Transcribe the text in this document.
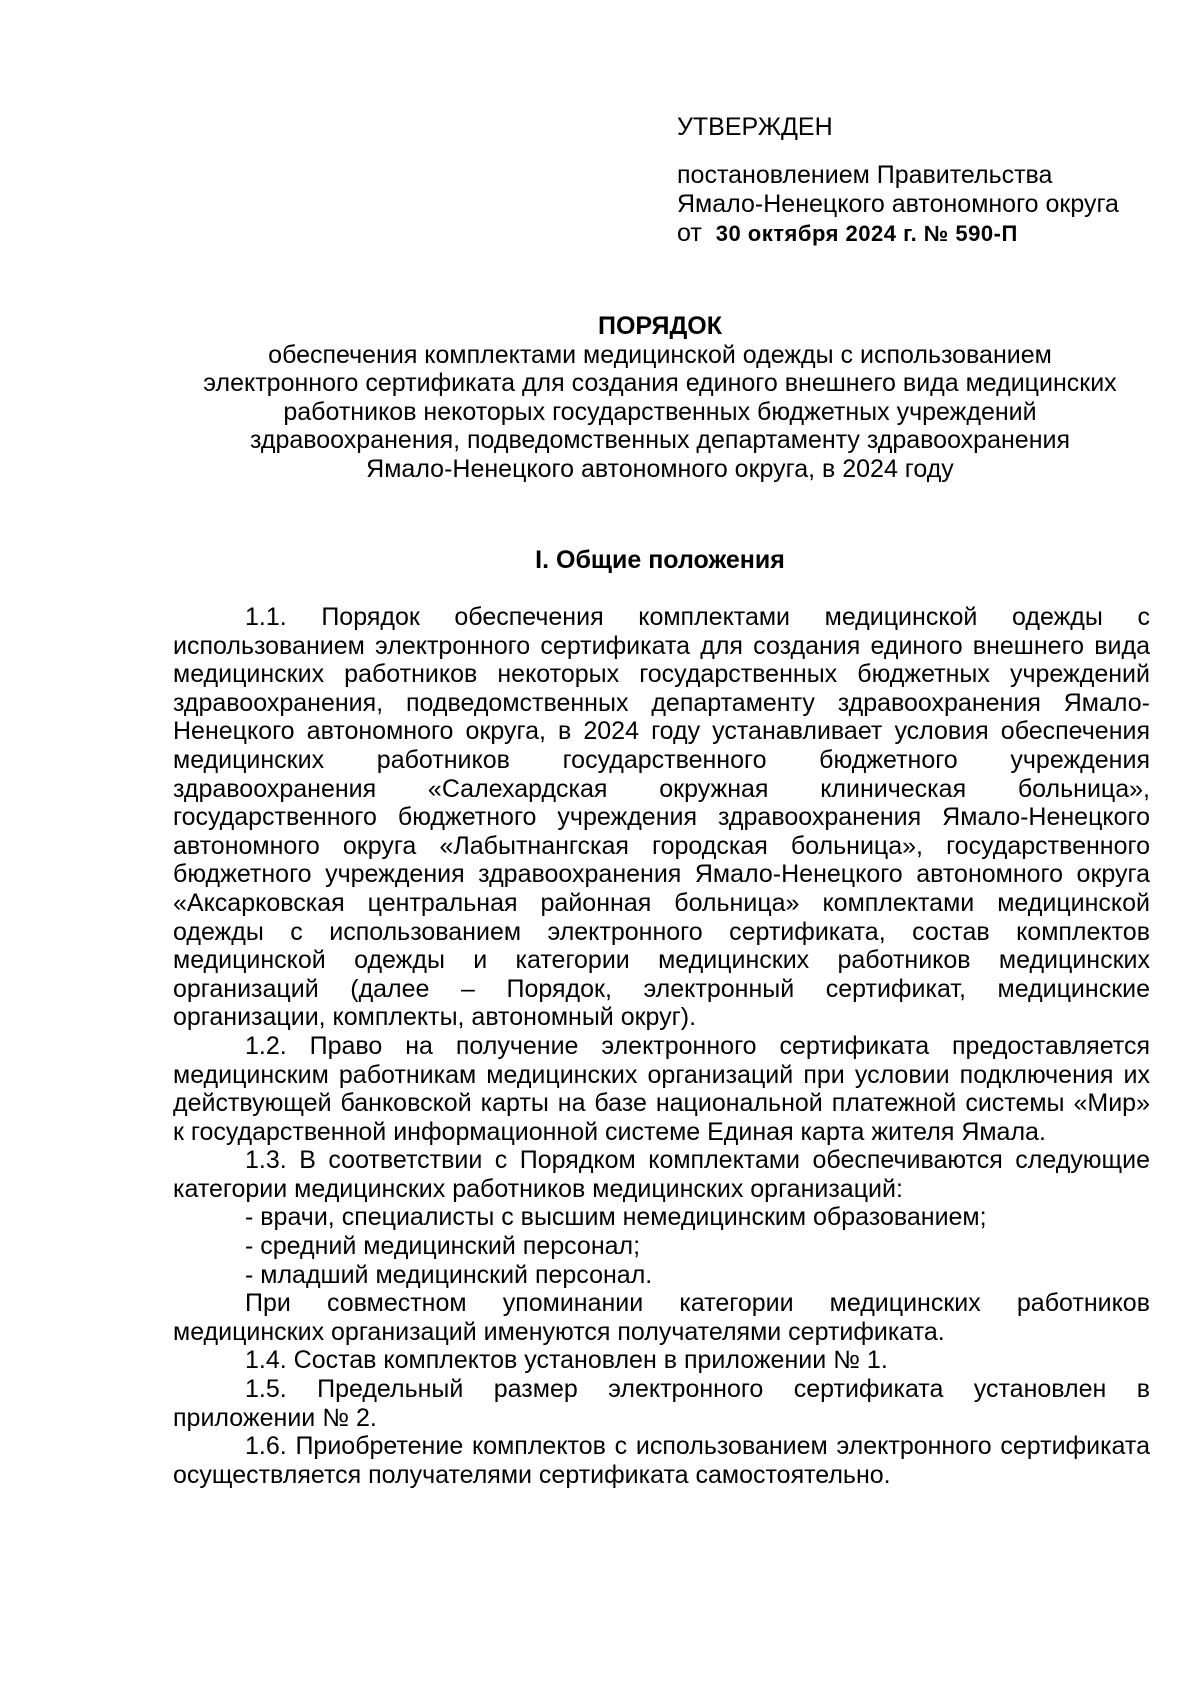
УТВЕРЖДЕН
постановлением Правительства
Ямало-Ненецкого автономного округа
от 30 октября 2024 г. № 590-П
ПОРЯДОК
обеспечения комплектами медицинской одежды с использованием
электронного сертификата для создания единого внешнего вида медицинских
работников некоторых государственных бюджетных учреждений
здравоохранения, подведомственных департаменту здравоохранения
Ямало-Ненецкого автономного округа, в 2024 году
I. Общие положения

1.1. Порядок обеспечения комплектами медицинской одежды с использованием электронного сертификата для создания единого внешнего вида медицинских работников некоторых государственных бюджетных учреждений здравоохранения, подведомственных департаменту здравоохранения Ямало-Ненецкого автономного округа, в 2024 году устанавливает условия обеспечения медицинских работников государственного бюджетного учреждения здравоохранения «Салехардская окружная клиническая больница», государственного бюджетного учреждения здравоохранения Ямало-Ненецкого автономного округа «Лабытнангская городская больница», государственного бюджетного учреждения здравоохранения Ямало-Ненецкого автономного округа «Аксарковская центральная районная больница» комплектами медицинской одежды с использованием электронного сертификата, состав комплектов медицинской одежды и категории медицинских работников медицинских организаций (далее – Порядок, электронный сертификат, медицинские организации, комплекты, автономный округ).

1.2. Право на получение электронного сертификата предоставляется медицинским работникам медицинских организаций при условии подключения их действующей банковской карты на базе национальной платежной системы «Мир» к государственной информационной системе Единая карта жителя Ямала.

1.3. В соответствии с Порядком комплектами обеспечиваются следующие категории медицинских работников медицинских организаций:

- врачи, специалисты с высшим немедицинским образованием;

- средний медицинский персонал;

- младший медицинский персонал.

При совместном упоминании категории медицинских работников медицинских организаций именуются получателями сертификата.

1.4. Состав комплектов установлен в приложении № 1.

1.5. Предельный размер электронного сертификата установлен в приложении № 2.

1.6. Приобретение комплектов с использованием электронного сертификата осуществляется получателями сертификата самостоятельно.
